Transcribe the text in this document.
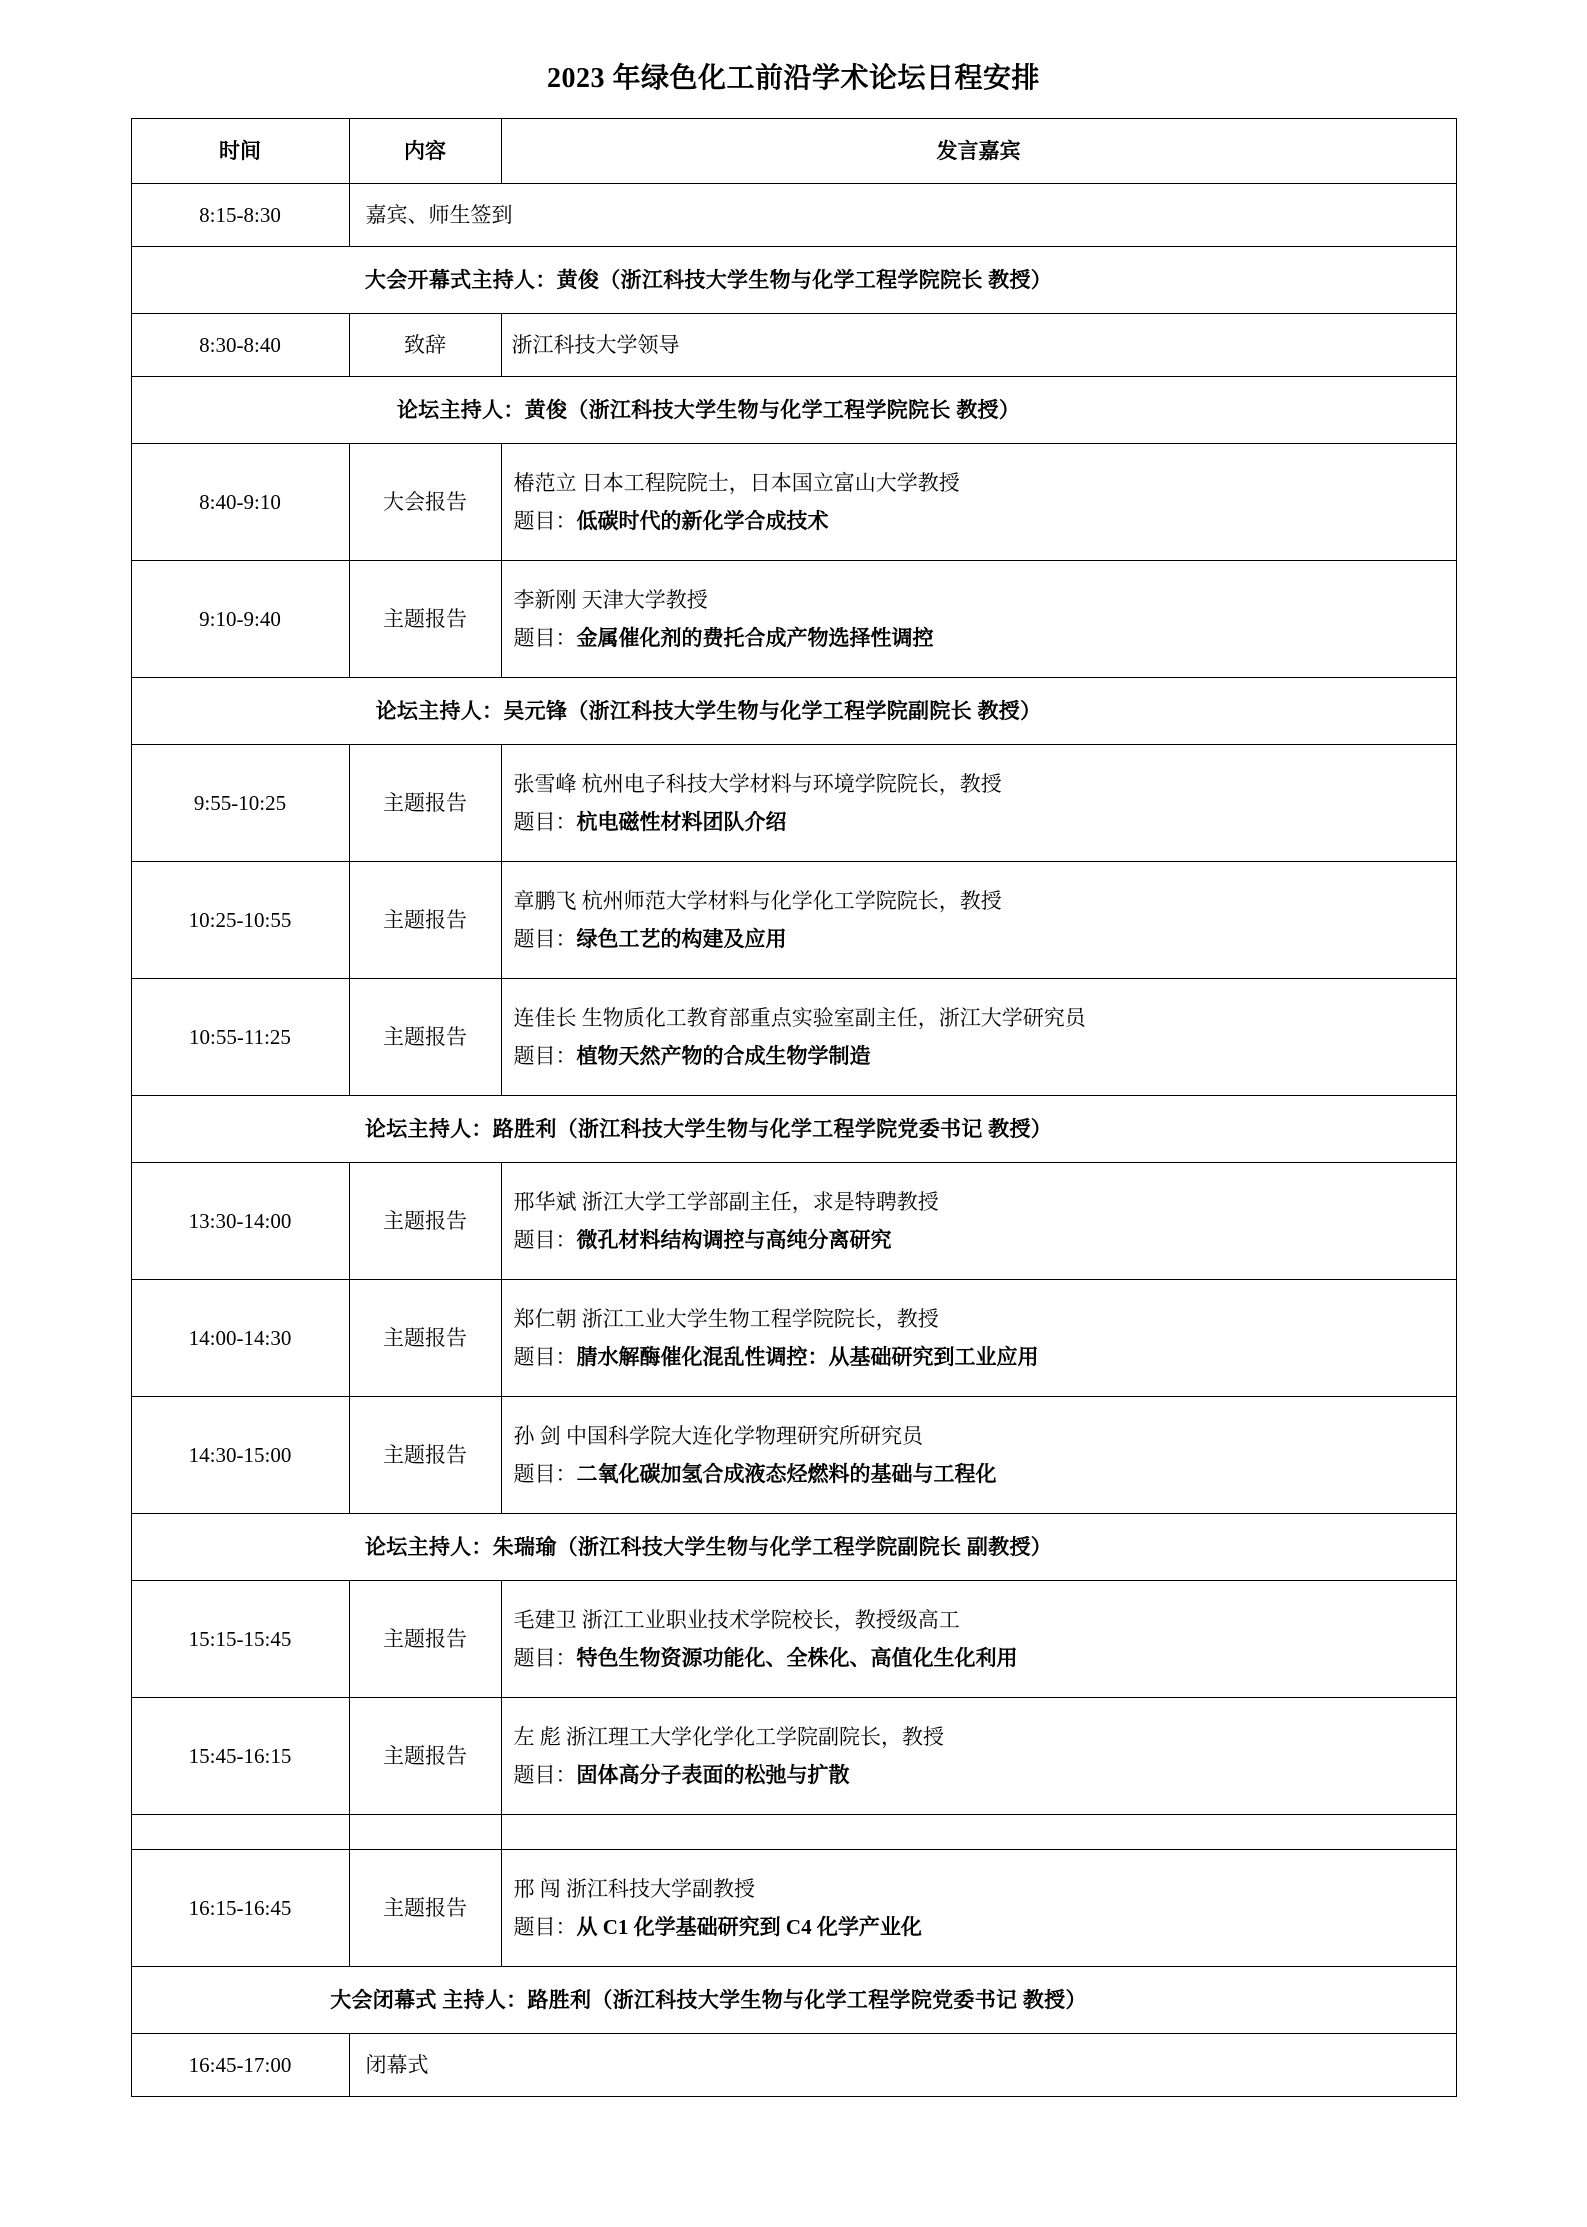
2023 年绿色化工前沿学术论坛日程安排
时间	内容	发言嘉宾
8:15-8:30	嘉宾、师生签到	

大会开幕式主持人：黄俊（浙江科技大学生物与化学工程学院院长 教授）		

8:30-8:40	致辞	浙江科技大学领导

论坛主持人：黄俊（浙江科技大学生物与化学工程学院院长 教授）		

8:40-9:10	大会报告	椿范立 日本工程院院士，日本国立富山大学教授
题目：低碳时代的新化学合成技术

9:10-9:40	主题报告	李新刚 天津大学教授
题目：金属催化剂的费托合成产物选择性调控

论坛主持人：吴元锋（浙江科技大学生物与化学工程学院副院长 教授）		

9:55-10:25	主题报告	张雪峰 杭州电子科技大学材料与环境学院院长，教授
题目：杭电磁性材料团队介绍

10:25-10:55	主题报告	章鹏飞 杭州师范大学材料与化学化工学院院长，教授
题目：绿色工艺的构建及应用

10:55-11:25	主题报告	连佳长 生物质化工教育部重点实验室副主任，浙江大学研究员
题目：植物天然产物的合成生物学制造

论坛主持人：路胜利（浙江科技大学生物与化学工程学院党委书记 教授）		

13:30-14:00	主题报告	邢华斌 浙江大学工学部副主任，求是特聘教授
题目：微孔材料结构调控与高纯分离研究

14:00-14:30	主题报告	郑仁朝 浙江工业大学生物工程学院院长，教授
题目：腈水解酶催化混乱性调控：从基础研究到工业应用

14:30-15:00	主题报告	孙 剑 中国科学院大连化学物理研究所研究员
题目：二氧化碳加氢合成液态烃燃料的基础与工程化

论坛主持人：朱瑞瑜（浙江科技大学生物与化学工程学院副院长 副教授）		

15:15-15:45	主题报告	毛建卫 浙江工业职业技术学院校长，教授级高工
题目：特色生物资源功能化、全株化、高值化生化利用

15:45-16:15	主题报告	左 彪 浙江理工大学化学化工学院副院长，教授
题目：固体高分子表面的松弛与扩散

16:15-16:45	主题报告	邢 闯 浙江科技大学副教授
题目：从 C1 化学基础研究到 C4 化学产业化

大会闭幕式 主持人：路胜利（浙江科技大学生物与化学工程学院党委书记 教授）		

16:45-17:00	闭幕式	
